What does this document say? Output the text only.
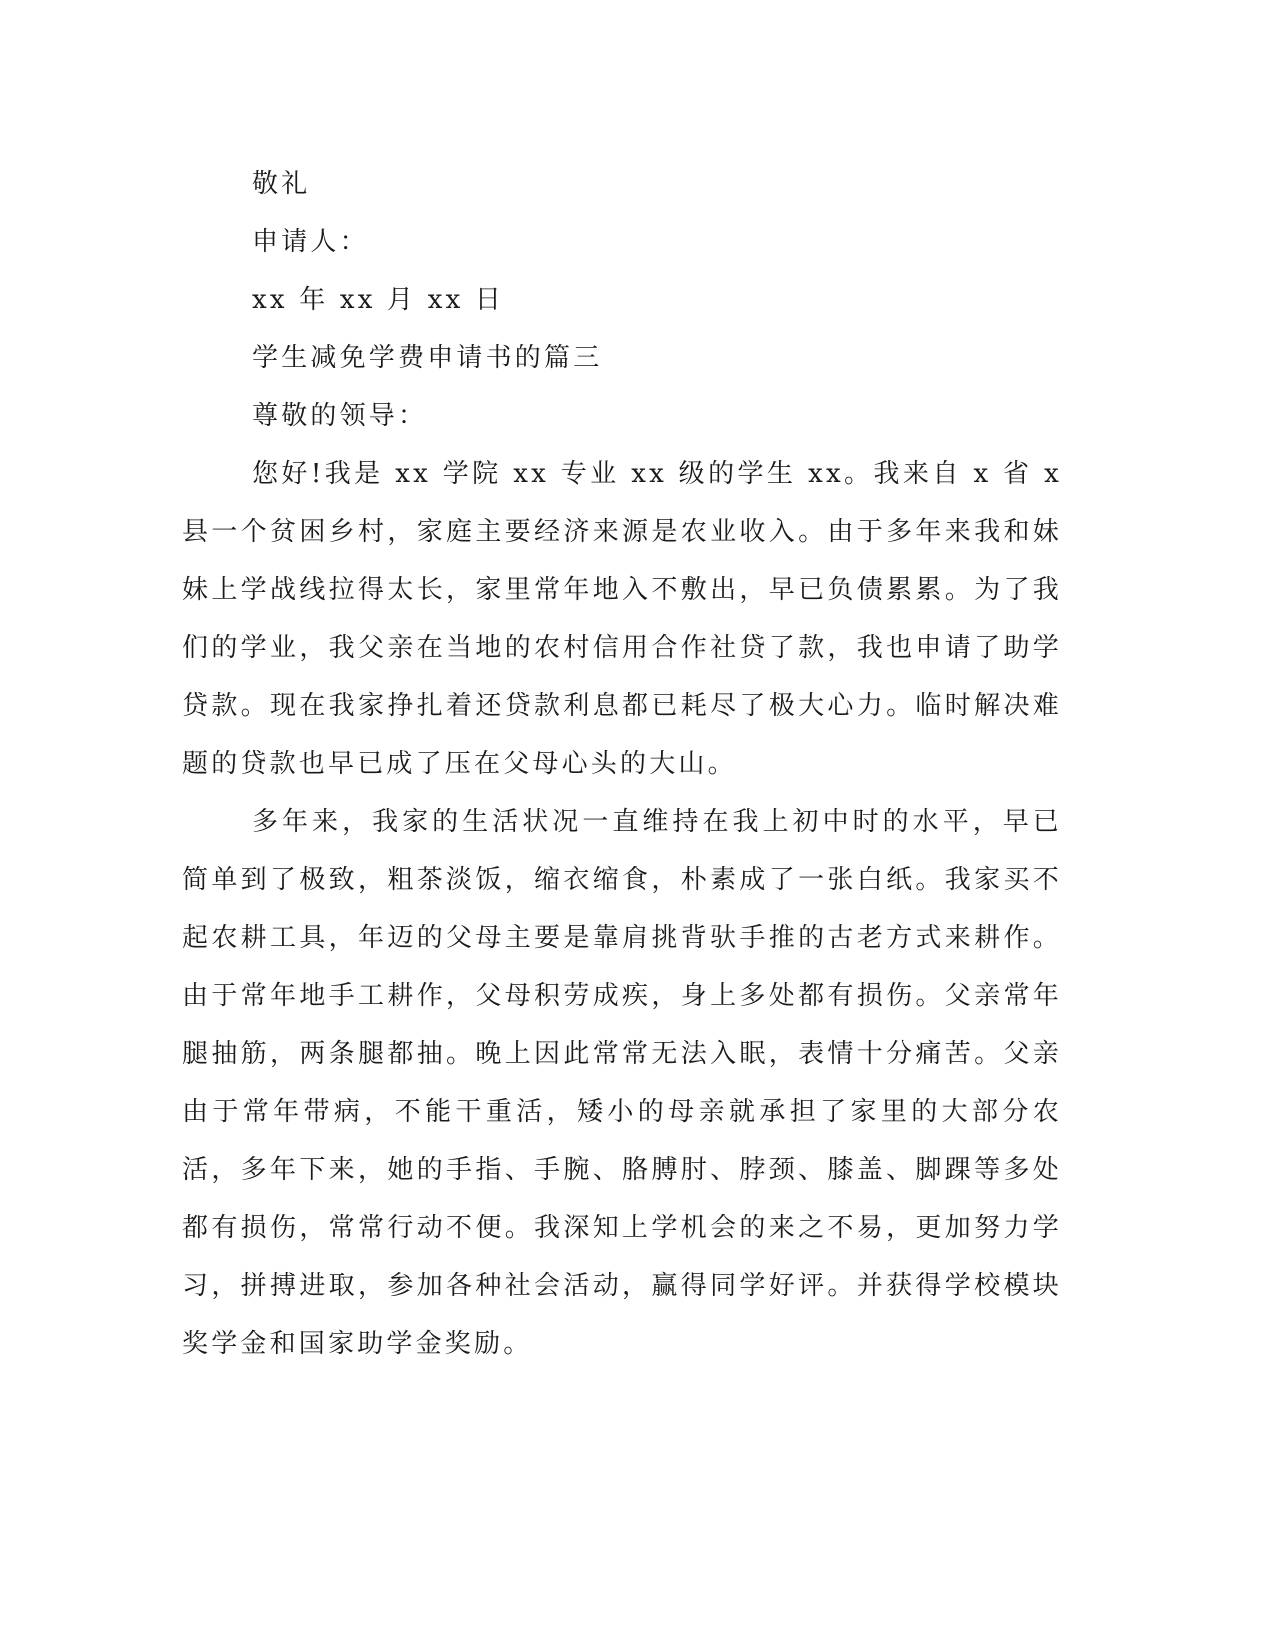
敬礼

申请人：

xx 年 xx 月 xx 日

学生减免学费申请书的篇三

尊敬的领导：

您好!我是 xx 学院 xx 专业 xx 级的学生 xx。我来自 x 省 x 县一个贫困乡村，家庭主要经济来源是农业收入。由于多年来我和妹妹上学战线拉得太长，家里常年地入不敷出，早已负债累累。为了我们的学业，我父亲在当地的农村信用合作社贷了款，我也申请了助学贷款。现在我家挣扎着还贷款利息都已耗尽了极大心力。临时解决难题的贷款也早已成了压在父母心头的大山。

多年来，我家的生活状况一直维持在我上初中时的水平，早已简单到了极致，粗茶淡饭，缩衣缩食，朴素成了一张白纸。我家买不起农耕工具，年迈的父母主要是靠肩挑背驮手推的古老方式来耕作。由于常年地手工耕作，父母积劳成疾，身上多处都有损伤。父亲常年腿抽筋，两条腿都抽。晚上因此常常无法入眠，表情十分痛苦。父亲由于常年带病，不能干重活，矮小的母亲就承担了家里的大部分农活，多年下来，她的手指、手腕、胳膊肘、脖颈、膝盖、脚踝等多处都有损伤，常常行动不便。我深知上学机会的来之不易，更加努力学习，拼搏进取，参加各种社会活动，赢得同学好评。并获得学校模块奖学金和国家助学金奖励。
